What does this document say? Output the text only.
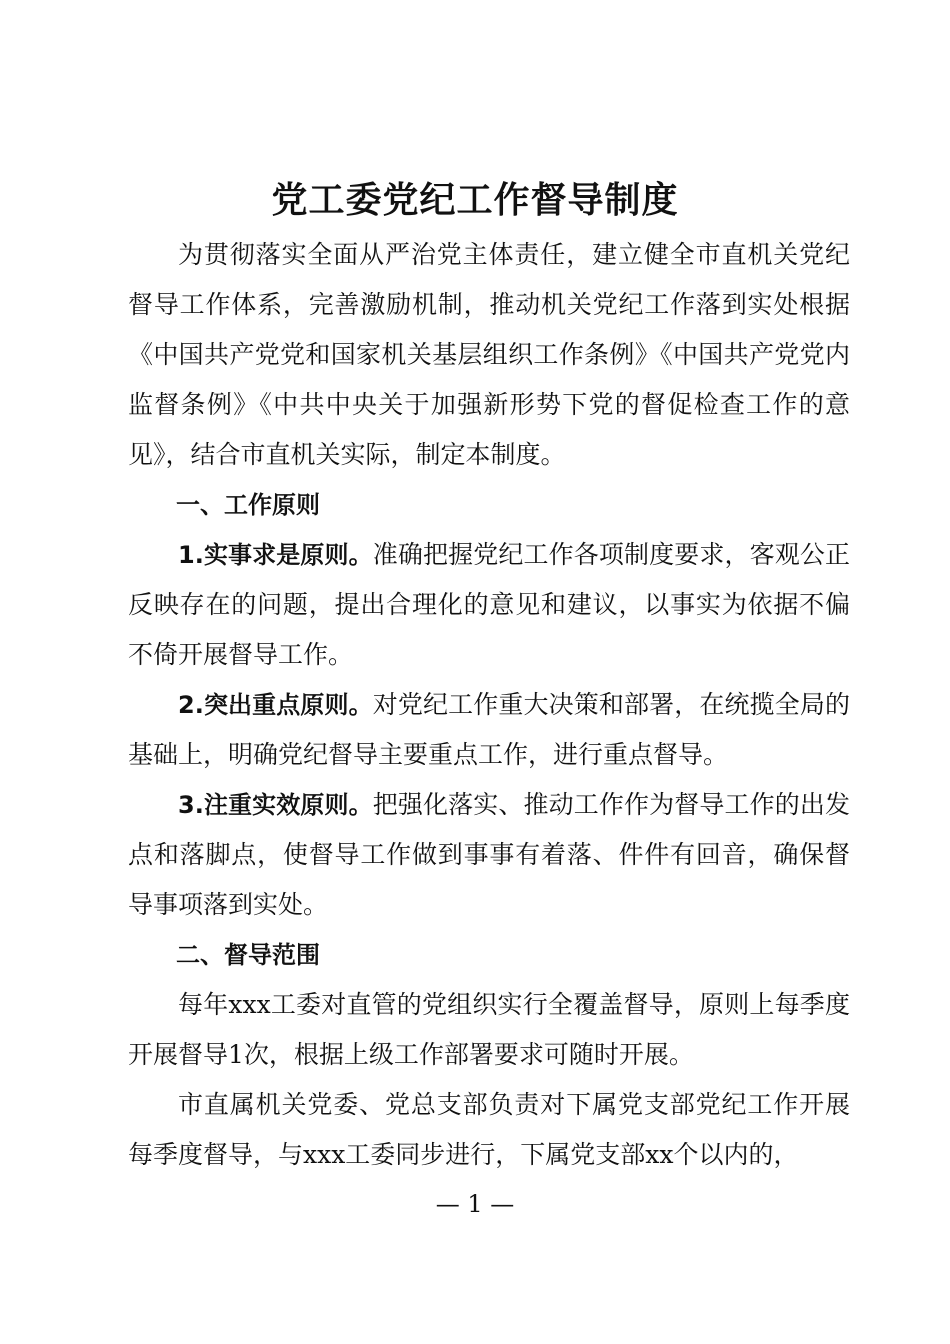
党工委党纪工作督导制度

为贯彻落实全面从严治党主体责任，建立健全市直机关党纪督导工作体系，完善激励机制，推动机关党纪工作落到实处根据《中国共产党党和国家机关基层组织工作条例》《中国共产党党内监督条例》《中共中央关于加强新形势下党的督促检查工作的意见》，结合市直机关实际，制定本制度。

一、工作原则

1.实事求是原则。准确把握党纪工作各项制度要求，客观公正反映存在的问题，提出合理化的意见和建议，以事实为依据不偏不倚开展督导工作。

2.突出重点原则。对党纪工作重大决策和部署，在统揽全局的基础上，明确党纪督导主要重点工作，进行重点督导。

3.注重实效原则。把强化落实、推动工作作为督导工作的出发点和落脚点，使督导工作做到事事有着落、件件有回音，确保督导事项落到实处。

二、督导范围

每年xxx工委对直管的党组织实行全覆盖督导，原则上每季度开展督导1次，根据上级工作部署要求可随时开展。

市直属机关党委、党总支部负责对下属党支部党纪工作开展每季度督导，与xxx工委同步进行，下属党支部xx个以内的，

— 1 —
